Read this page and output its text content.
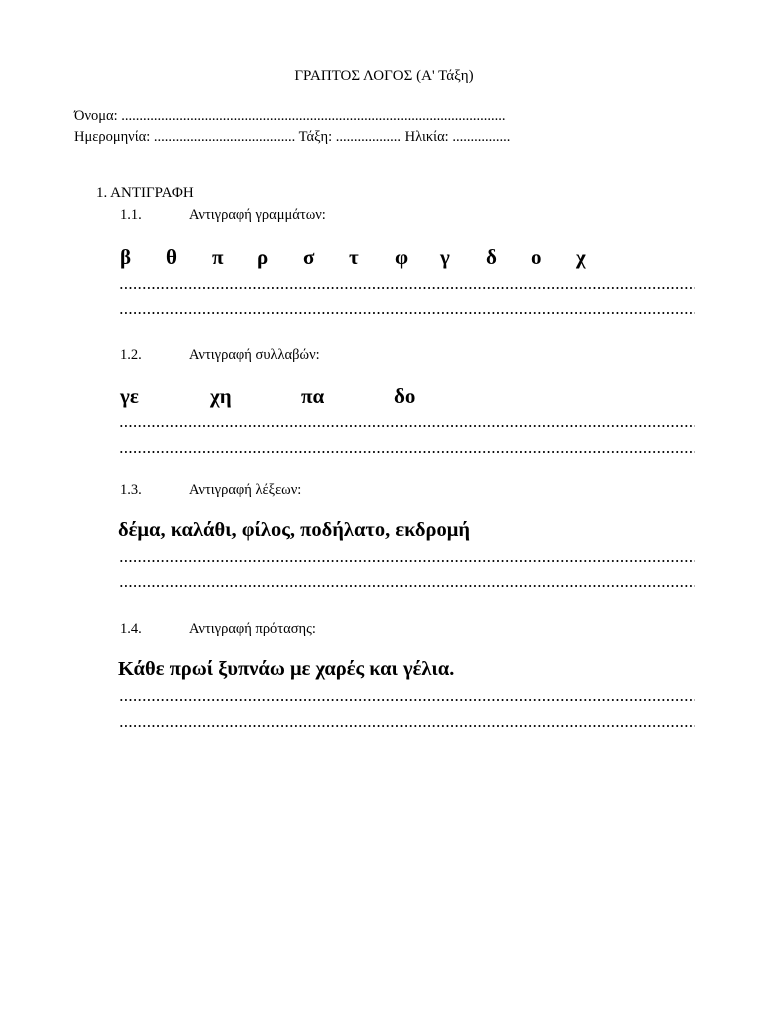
ΓΡΑΠΤΟΣ ΛΟΓΟΣ (Α' Τάξη)
Όνομα: ..........................................................................................................
Ημερομηνία: ....................................... Τάξη: .................. Ηλικία: ................
1. ΑΝΤΙΓΡΑΦΗ
1.1.	Αντιγραφή γραμμάτων:
β θ π ρ σ τ φ γ δ ο χ
1.2.	Αντιγραφή συλλαβών:
γε	χη	πα	δο
1.3.	Αντιγραφή λέξεων:
δέμα, καλάθι, φίλος, ποδήλατο, εκδρομή
1.4.	Αντιγραφή πρότασης:
Κάθε πρωί ξυπνάω με χαρές και γέλια.
